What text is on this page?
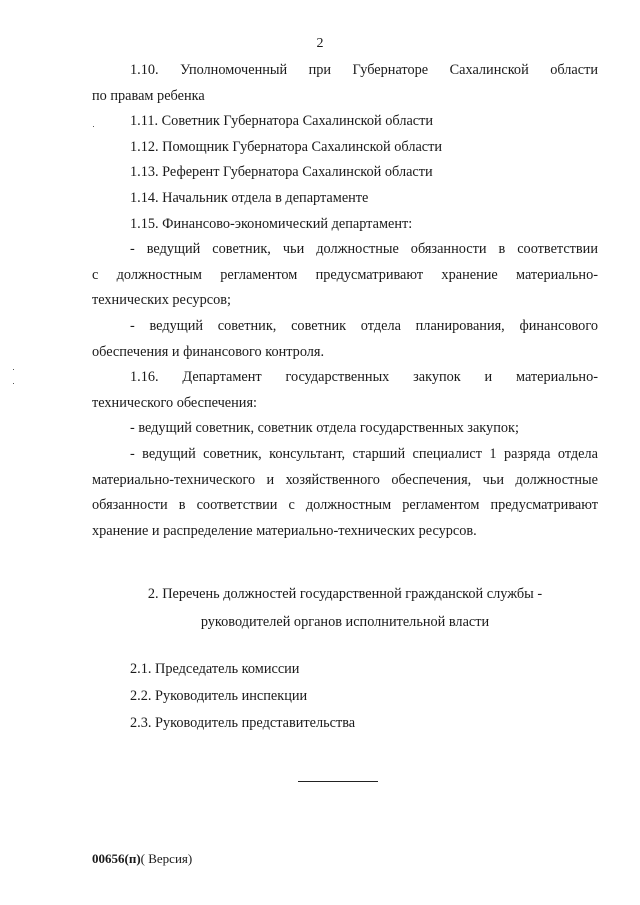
2
1.10. Уполномоченный при Губернаторе Сахалинской области
по правам ребенка
1.11. Советник Губернатора Сахалинской области
1.12. Помощник Губернатора Сахалинской области
1.13. Референт Губернатора Сахалинской области
1.14. Начальник отдела в департаменте
1.15. Финансово-экономический департамент:
- ведущий советник, чьи должностные обязанности в соответствии
с должностным регламентом предусматривают хранение материально-
технических ресурсов;
- ведущий советник, советник отдела планирования, финансового
обеспечения и финансового контроля.
1.16. Департамент государственных закупок и материально-
технического обеспечения:
- ведущий советник, советник отдела государственных закупок;
- ведущий советник, консультант, старший специалист 1 разряда отдела
материально-технического и хозяйственного обеспечения, чьи должностные
обязанности в соответствии с должностным регламентом предусматривают
хранение и распределение материально-технических ресурсов.
2. Перечень должностей государственной гражданской службы -
руководителей органов исполнительной власти
2.1. Председатель комиссии
2.2. Руководитель инспекции
2.3. Руководитель представительства
00656(п)( Версия)
